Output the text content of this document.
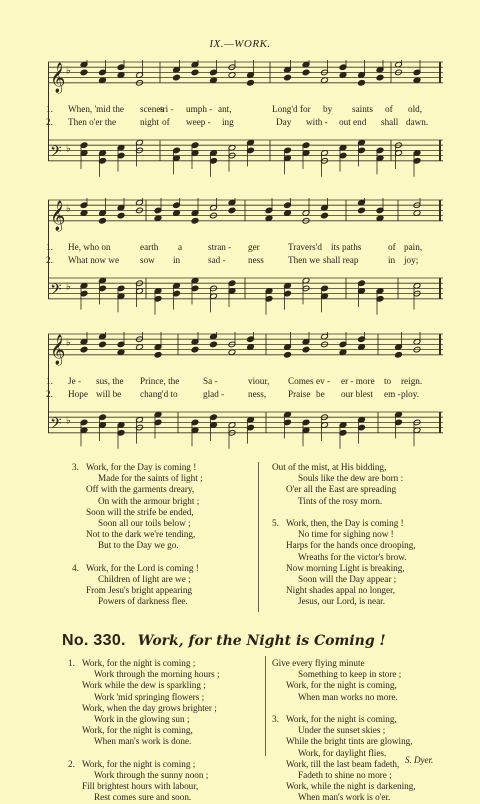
IX.—WORK.
𝄞 ♭
𝄢 ♭
1. When, 'mid the scenes
tri - umph - ant,	Long'd for by saints of old,
2. Then o'er the	night of weep - ing	Day with - out end shall dawn.
𝄞 ♭
𝄢 ♭
1. He, who on	earth a	stran - ger	Travers'd its paths	of pain,
2. What now we sow in	sad - ness	Then we shall reap	in joy;
𝄞 ♭
𝄢 ♭
1. Je - sus, the Prince, the	Sa -	viour, Comes ev - er - more to reign.
2. Hope will be chang'd to	glad -	ness, Praise be our blest em - ploy.
3. Work, for the Day is coming !
Made for the saints of light ;
Off with the garments dreary,
On with the armour bright ;
Soon will the strife be ended,
Soon all our toils below ;
Not to the dark we're tending,
But to the Day we go.

4. Work, for the Lord is coming !
Children of light are we ;
From Jesu's bright appearing
Powers of darkness flee.
Out of the mist, at His bidding,
Souls like the dew are born :
O'er all the East are spreading
Tints of the rosy morn.

5. Work, then, the Day is coming !
No time for sighing now !
Harps for the hands once drooping,
Wreaths for the victor's brow.
Now morning Light is breaking,
Soon will the Day appear ;
Night shades appal no longer,
Jesus, our Lord, is near.
No. 330. Work, for the Night is Coming !
1. Work, for the night is coming ;
Work through the morning hours ;
Work while the dew is sparkling ;
Work 'mid springing flowers ;
Work, when the day grows brighter ;
Work in the glowing sun ;
Work, for the night is coming,
When man's work is done.

2. Work, for the night is coming ;
Work through the sunny noon ;
Fill brightest hours with labour,
Rest comes sure and soon.
Give every flying minute
Something to keep in store ;
Work, for the night is coming,
When man works no more.

3. Work, for the night is coming,
Under the sunset skies ;
While the bright tints are glowing,
Work, for daylight flies.
Work, till the last beam fadeth,
Fadeth to shine no more ;
Work, while the night is darkening,
When man's work is o'er.
S. Dyer.
